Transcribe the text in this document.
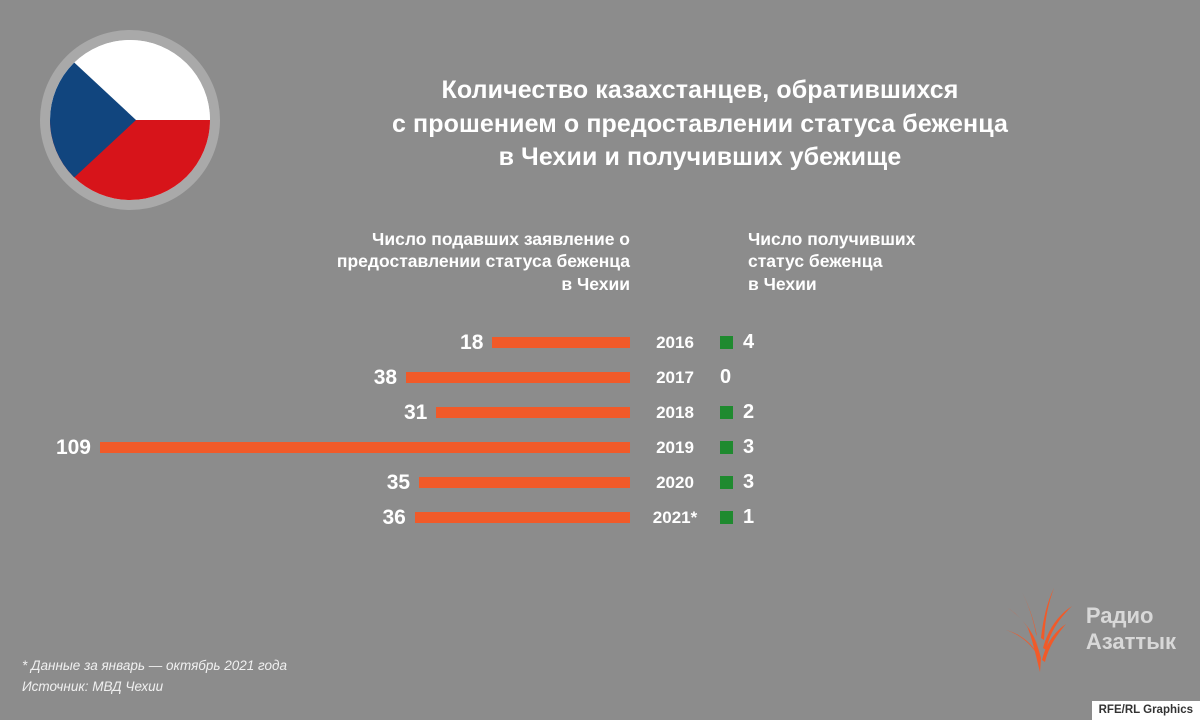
Количество казахстанцев, обратившихся
с прошением о предоставлении статуса беженца
в Чехии и получивших убежище
Число подавших заявление о
предоставлении статуса беженца
в Чехии
Число получивших
статус беженца
в Чехии
18	2016	4
38	2017	0
31	2018	2
109	2019	3
35	2020	3
36	2021*	1
* Данные за январь — октябрь 2021 года
Источник: МВД Чехии
Радио
Азаттык
RFE/RL Graphics
